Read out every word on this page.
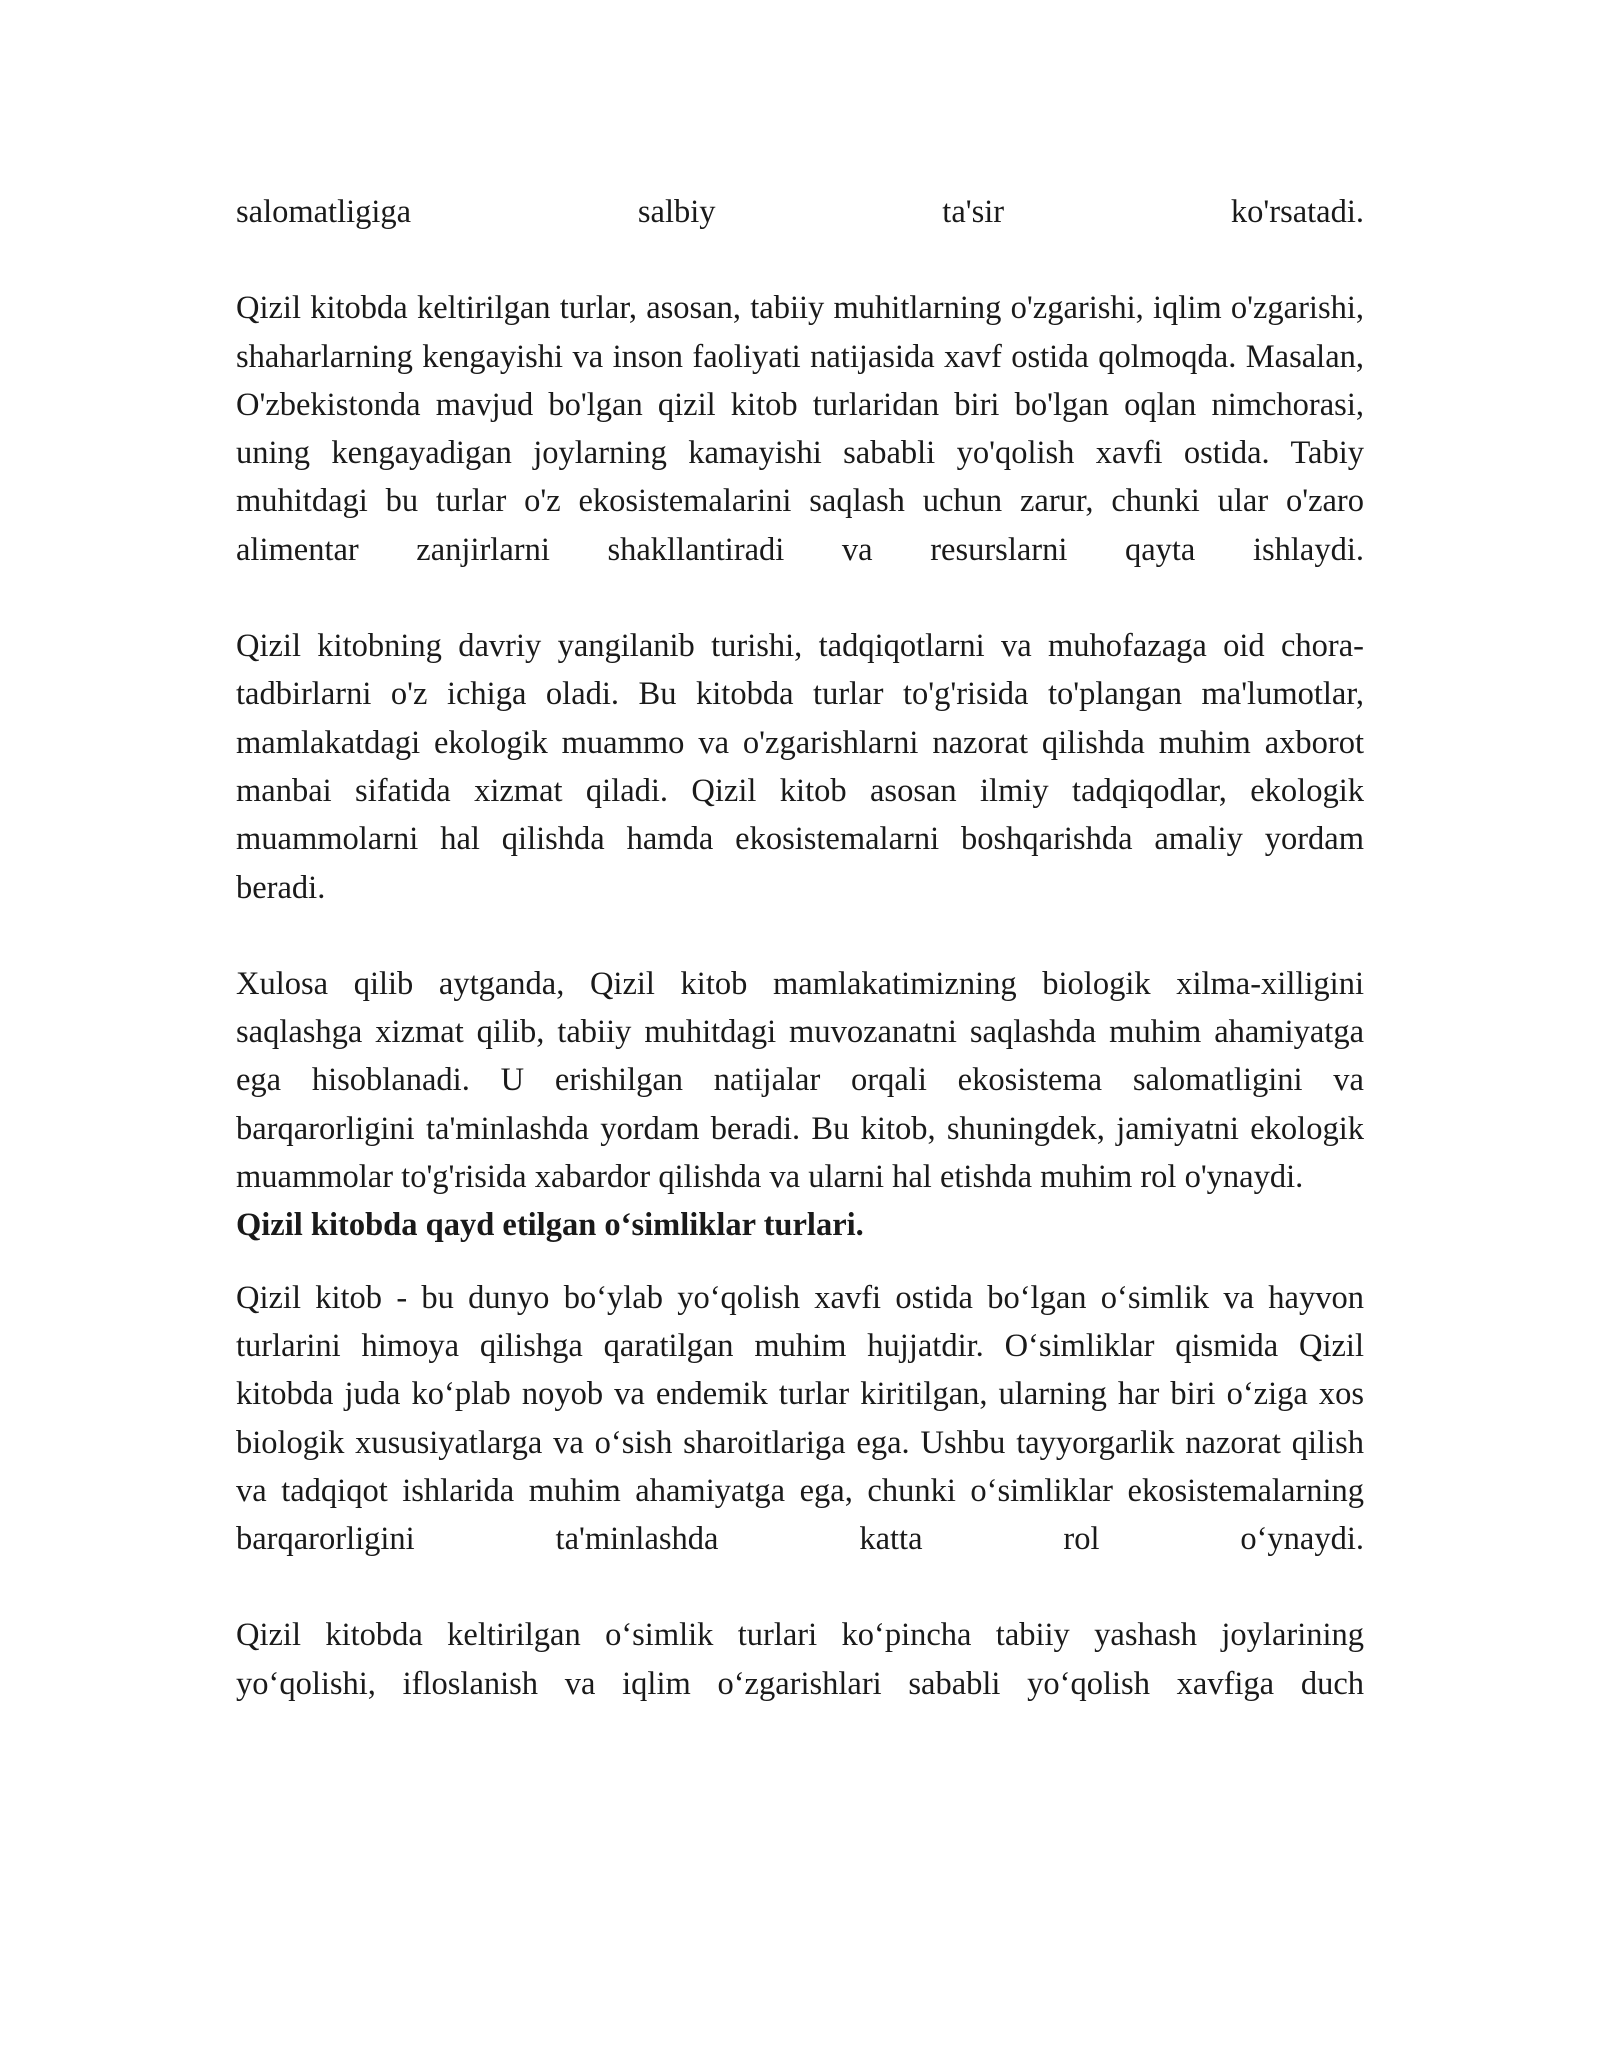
salomatligiga salbiy ta'sir ko'rsatadi.

Qizil kitobda keltirilgan turlar, asosan, tabiiy muhitlarning o'zgarishi, iqlim o'zgarishi, shaharlarning kengayishi va inson faoliyati natijasida xavf ostida qolmoqda. Masalan, O'zbekistonda mavjud bo'lgan qizil kitob turlaridan biri bo'lgan oqlan nimchorasi, uning kengayadigan joylarning kamayishi sababli yo'qolish xavfi ostida. Tabiy muhitdagi bu turlar o'z ekosistemalarini saqlash uchun zarur, chunki ular o'zaro alimentar zanjirlarni shakllantiradi va resurslarni qayta ishlaydi.

Qizil kitobning davriy yangilanib turishi, tadqiqotlarni va muhofazaga oid chora-tadbirlarni o'z ichiga oladi. Bu kitobda turlar to'g'risida to'plangan ma'lumotlar, mamlakatdagi ekologik muammo va o'zgarishlarni nazorat qilishda muhim axborot manbai sifatida xizmat qiladi. Qizil kitob asosan ilmiy tadqiqodlar, ekologik muammolarni hal qilishda hamda ekosistemalarni boshqarishda amaliy yordam beradi.

Xulosa qilib aytganda, Qizil kitob mamlakatimizning biologik xilma-xilligini saqlashga xizmat qilib, tabiiy muhitdagi muvozanatni saqlashda muhim ahamiyatga ega hisoblanadi. U erishilgan natijalar orqali ekosistema salomatligini va barqarorligini ta'minlashda yordam beradi. Bu kitob, shuningdek, jamiyatni ekologik muammolar to'g'risida xabardor qilishda va ularni hal etishda muhim rol o'ynaydi.

Qizil kitobda qayd etilgan o‘simliklar turlari.

Qizil kitob - bu dunyo bo‘ylab yo‘qolish xavfi ostida bo‘lgan o‘simlik va hayvon turlarini himoya qilishga qaratilgan muhim hujjatdir. O‘simliklar qismida Qizil kitobda juda ko‘plab noyob va endemik turlar kiritilgan, ularning har biri o‘ziga xos biologik xususiyatlarga va o‘sish sharoitlariga ega. Ushbu tayyorgarlik nazorat qilish va tadqiqot ishlarida muhim ahamiyatga ega, chunki o‘simliklar ekosistemalarning barqarorligini ta'minlashda katta rol o‘ynaydi.

Qizil kitobda keltirilgan o‘simlik turlari ko‘pincha tabiiy yashash joylarining yo‘qolishi, ifloslanish va iqlim o‘zgarishlari sababli yo‘qolish xavfiga duch
